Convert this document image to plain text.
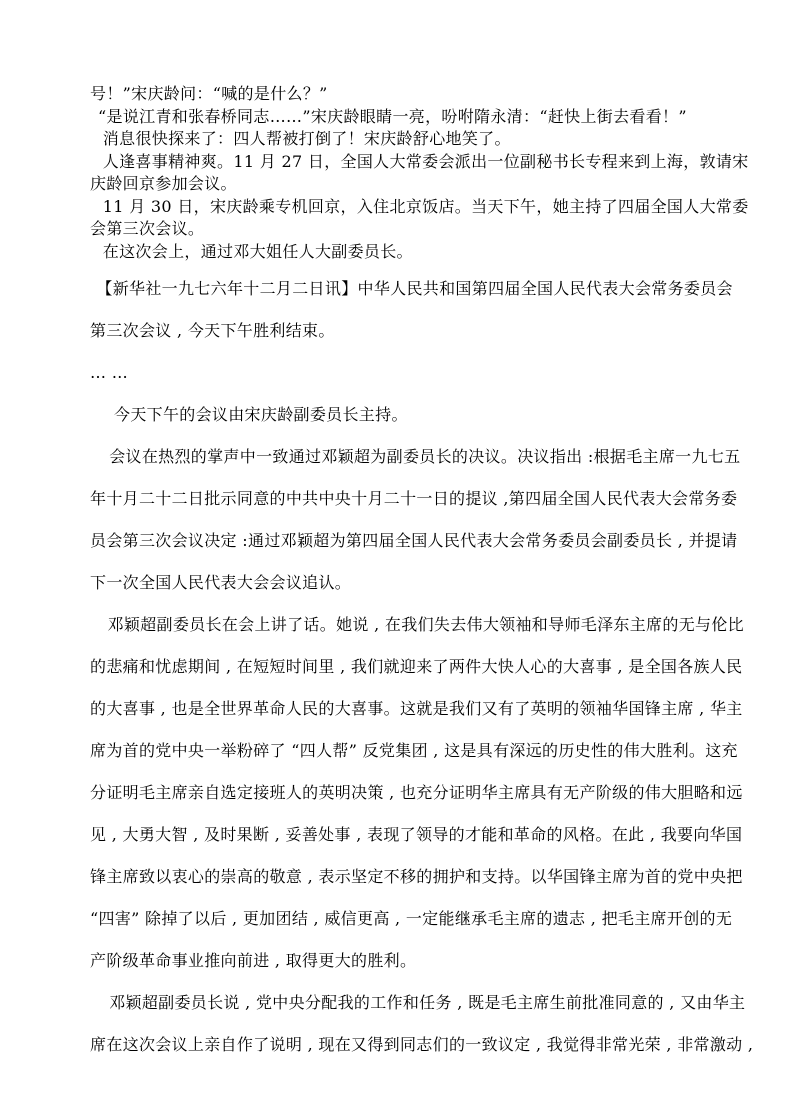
号！”宋庆龄问：“喊的是什么？”
“是说江青和张春桥同志……”宋庆龄眼睛一亮，吩咐隋永清：“赶快上街去看看！”
消息很快探来了：四人帮被打倒了！宋庆龄舒心地笑了。
人逢喜事精神爽。11 月 27 日，全国人大常委会派出一位副秘书长专程来到上海，敦请宋
庆龄回京参加会议。
11 月 30 日，宋庆龄乘专机回京，入住北京饭店。当天下午，她主持了四届全国人大常委
会第三次会议。
在这次会上，通过邓大姐任人大副委员长。
【新华社一九七六年十二月二日讯】中华人民共和国第四届全国人民代表大会常务委员会
第三次会议 , 今天下午胜利结束。
… …
今天下午的会议由宋庆龄副委员长主持。
会议在热烈的掌声中一致通过邓颖超为副委员长的决议。决议指出 :根据毛主席一九七五
年十月二十二日批示同意的中共中央十月二十一日的提议 ,第四届全国人民代表大会常务委
员会第三次会议决定 :通过邓颖超为第四届全国人民代表大会常务委员会副委员长 , 并提请
下一次全国人民代表大会会议追认。
邓颖超副委员长在会上讲了话。她说 , 在我们失去伟大领袖和导师毛泽东主席的无与伦比
的悲痛和忧虑期间 , 在短短时间里 , 我们就迎来了两件大快人心的大喜事 , 是全国各族人民
的大喜事 , 也是全世界革命人民的大喜事。这就是我们又有了英明的领袖华国锋主席 , 华主
席为首的党中央一举粉碎了 “四人帮” 反党集团 , 这是具有深远的历史性的伟大胜利。这充
分证明毛主席亲自选定接班人的英明决策 , 也充分证明华主席具有无产阶级的伟大胆略和远
见 , 大勇大智 , 及时果断 , 妥善处事 , 表现了领导的才能和革命的风格。在此 , 我要向华国
锋主席致以衷心的崇高的敬意 , 表示坚定不移的拥护和支持。以华国锋主席为首的党中央把
“四害” 除掉了以后 , 更加团结 , 威信更高 , 一定能继承毛主席的遗志 , 把毛主席开创的无
产阶级革命事业推向前进 , 取得更大的胜利。
邓颖超副委员长说 , 党中央分配我的工作和任务 , 既是毛主席生前批准同意的 , 又由华主
席在这次会议上亲自作了说明 , 现在又得到同志们的一致议定 , 我觉得非常光荣 , 非常激动 ,
